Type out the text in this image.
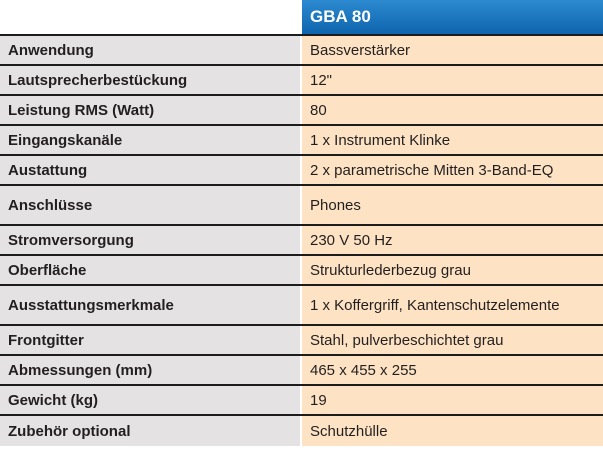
GBA 80
Anwendung	Bassverstärker
Lautsprecherbestückung	12"
Leistung RMS (Watt)	80
Eingangskanäle	1 x Instrument Klinke
Austattung	2 x parametrische Mitten 3-Band-EQ
Anschlüsse	Phones
Stromversorgung	230 V 50 Hz
Oberfläche	Strukturlederbezug grau
Ausstattungsmerkmale	1 x Koffergriff, Kantenschutzelemente
Frontgitter	Stahl, pulverbeschichtet grau
Abmessungen (mm)	465 x 455 x 255
Gewicht (kg)	19
Zubehör optional	Schutzhülle
